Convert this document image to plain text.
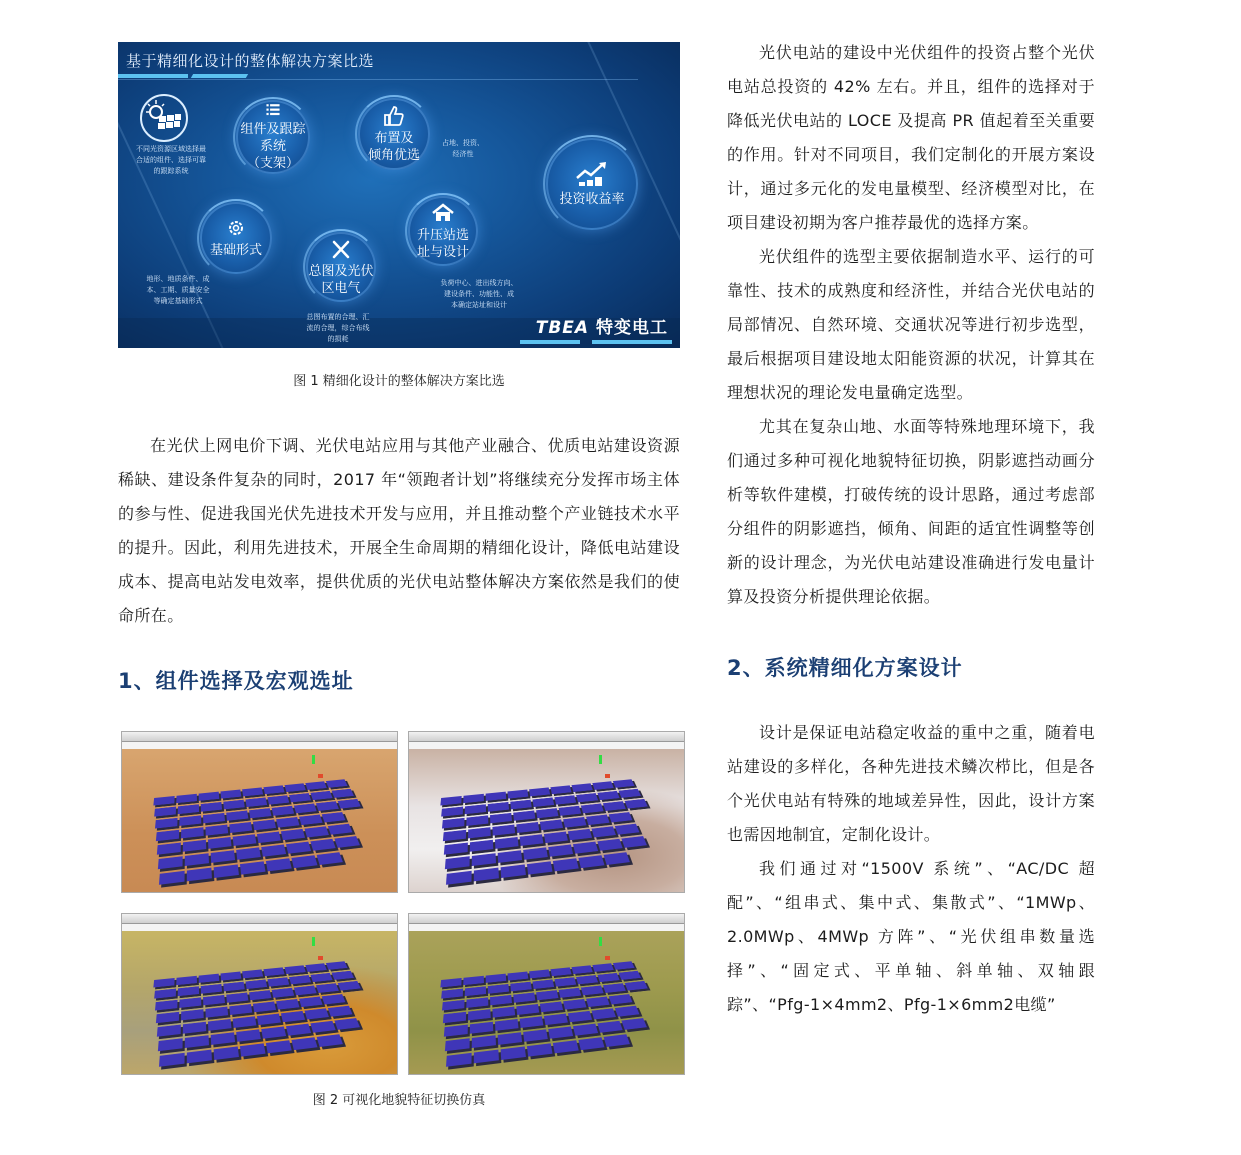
基于精细化设计的整体解决方案比选
不同光资源区域选择最
合适的组件、选择可靠
的跟踪系统
组件及跟踪系统
（支架）
布置及
倾角优选
占地、投资、
经济性
投资收益率
基础形式
地形、地质条件、成
本、工期、质量安全
等确定基础形式
总图及光伏
区电气
总图布置的合理、汇
流的合理，综合布线
的损耗
升压站选
址与设计
负荷中心、进出线方向、
建设条件、功能性、成
本确定站址和设计
TBEA 特变电工
图 1 精细化设计的整体解决方案比选

在光伏上网电价下调、光伏电站应用与其他产业融合、优质电站建设资源稀缺、建设条件复杂的同时，2017 年“领跑者计划”将继续充分发挥市场主体的参与性、促进我国光伏先进技术开发与应用，并且推动整个产业链技术水平的提升。因此，利用先进技术，开展全生命周期的精细化设计，降低电站建设成本、提高电站发电效率，提供优质的光伏电站整体解决方案依然是我们的使命所在。

1、组件选择及宏观选址
图 2 可视化地貌特征切换仿真

光伏电站的建设中光伏组件的投资占整个光伏电站总投资的 42% 左右。并且，组件的选择对于降低光伏电站的 LOCE 及提高 PR 值起着至关重要的作用。针对不同项目，我们定制化的开展方案设计，通过多元化的发电量模型、经济模型对比，在项目建设初期为客户推荐最优的选择方案。

光伏组件的选型主要依据制造水平、运行的可靠性、技术的成熟度和经济性，并结合光伏电站的局部情况、自然环境、交通状况等进行初步选型，最后根据项目建设地太阳能资源的状况，计算其在理想状况的理论发电量确定选型。

尤其在复杂山地、水面等特殊地理环境下，我们通过多种可视化地貌特征切换，阴影遮挡动画分析等软件建模，打破传统的设计思路，通过考虑部分组件的阴影遮挡，倾角、间距的适宜性调整等创新的设计理念，为光伏电站建设准确进行发电量计算及投资分析提供理论依据。

2、系统精细化方案设计

设计是保证电站稳定收益的重中之重，随着电站建设的多样化，各种先进技术鳞次栉比，但是各个光伏电站有特殊的地域差异性，因此，设计方案也需因地制宜，定制化设计。

我们通过对“1500V 系统”、“AC/DC 超配”、“组串式、集中式、集散式”、“1MWp、2.0MWp、4MWp 方阵”、“光伏组串数量选择”、“固定式、平单轴、斜单轴、双轴跟踪”、“Pfg-1×4mm2、Pfg-1×6mm2电缆”
